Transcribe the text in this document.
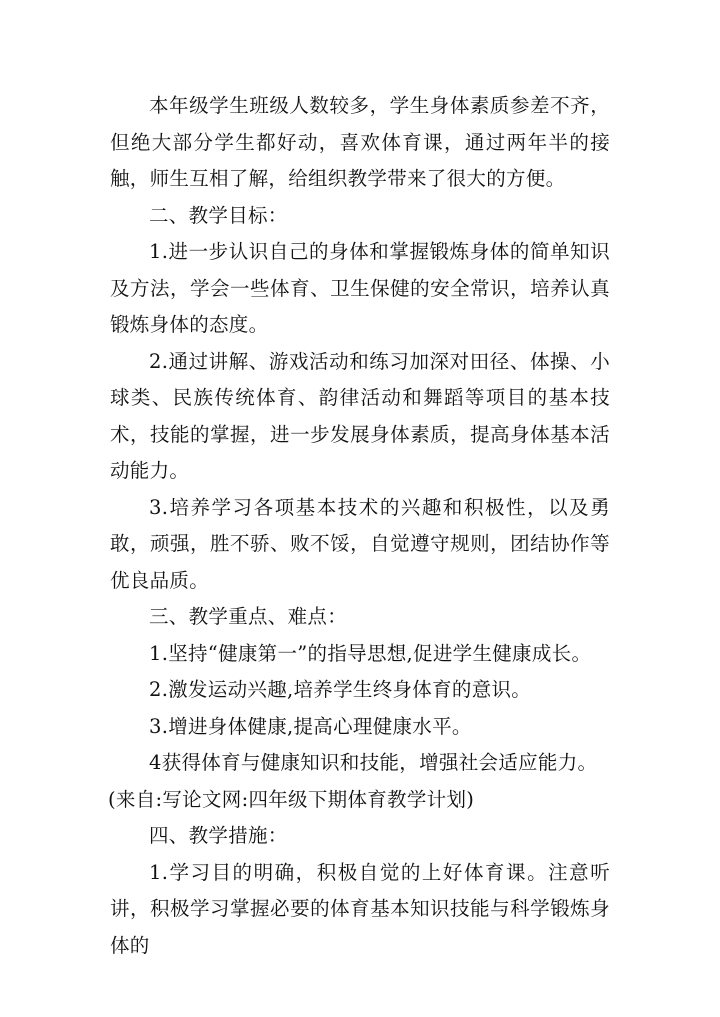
本年级学生班级人数较多，学生身体素质参差不齐，但绝大部分学生都好动，喜欢体育课，通过两年半的接触，师生互相了解，给组织教学带来了很大的方便。

二、教学目标：

1.进一步认识自己的身体和掌握锻炼身体的简单知识及方法，学会一些体育、卫生保健的安全常识，培养认真锻炼身体的态度。

2.通过讲解、游戏活动和练习加深对田径、体操、小球类、民族传统体育、韵律活动和舞蹈等项目的基本技术，技能的掌握，进一步发展身体素质，提高身体基本活动能力。

3.培养学习各项基本技术的兴趣和积极性，以及勇敢，顽强，胜不骄、败不馁，自觉遵守规则，团结协作等优良品质。

三、教学重点、难点：

1.坚持“健康第一”的指导思想,促进学生健康成长。

2.激发运动兴趣,培养学生终身体育的意识。

3.增进身体健康,提高心理健康水平。

4获得体育与健康知识和技能，增强社会适应能力。

(来自:写论文网:四年级下期体育教学计划)

四、教学措施：

1.学习目的明确，积极自觉的上好体育课。注意听讲，积极学习掌握必要的体育基本知识技能与科学锻炼身体的
